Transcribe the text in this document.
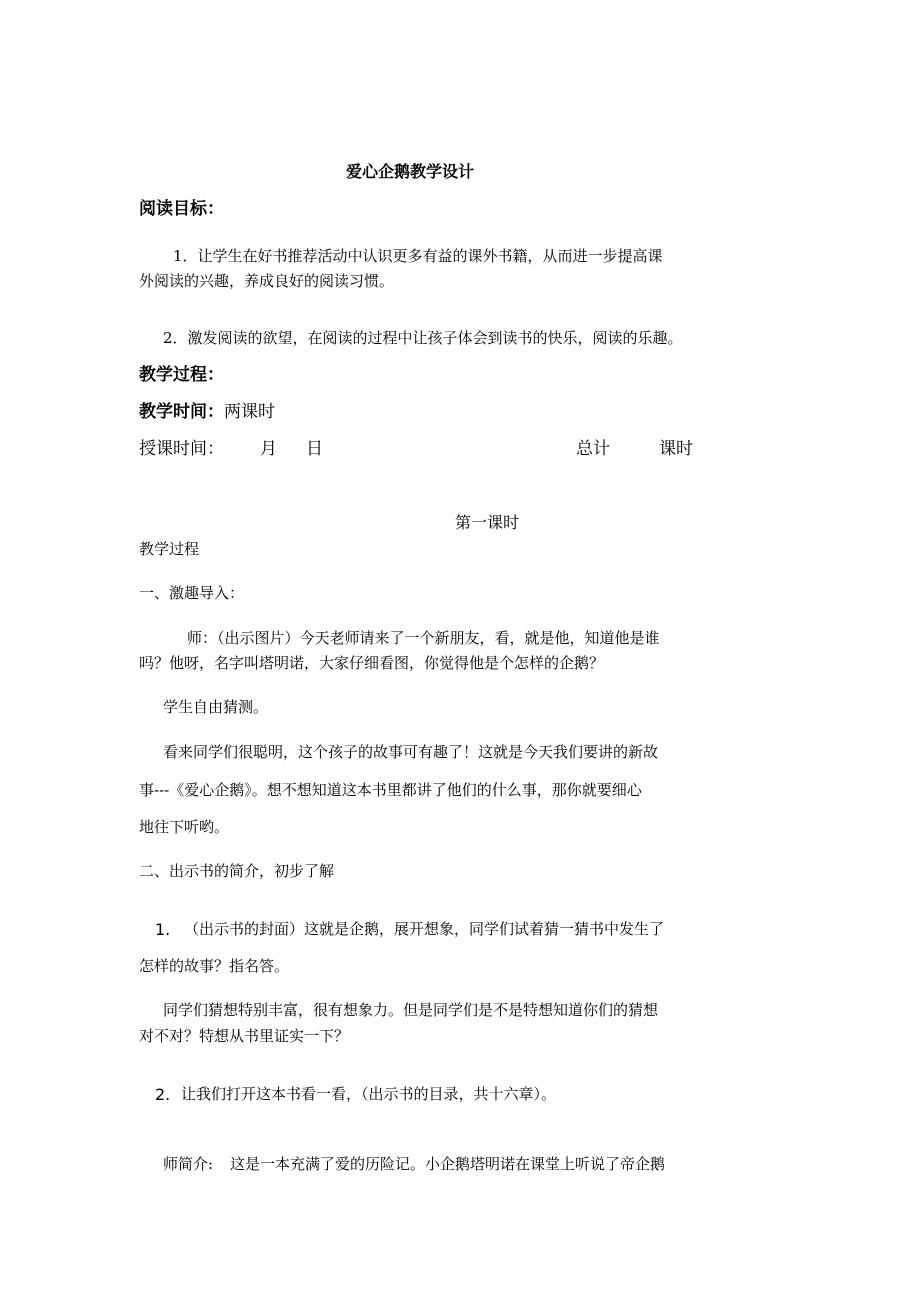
爱心企鹅教学设计
阅读目标：
1．让学生在好书推荐活动中认识更多有益的课外书籍，从而进一步提高课
外阅读的兴趣，养成良好的阅读习惯。
2．激发阅读的欲望，在阅读的过程中让孩子体会到读书的快乐，阅读的乐趣。
教学过程：
教学时间：两课时
授课时间： 月 日	总计	课时
第一课时
教学过程
一、激趣导入：
师：（出示图片）今天老师请来了一个新朋友，看，就是他，知道他是谁
吗？他呀，名字叫塔明诺，大家仔细看图，你觉得他是个怎样的企鹅？
学生自由猜测。
看来同学们很聪明，这个孩子的故事可有趣了！这就是今天我们要讲的新故
事---《爱心企鹅》。想不想知道这本书里都讲了他们的什么事，那你就要细心
地往下听哟。
二、出示书的简介，初步了解
1. （出示书的封面）这就是企鹅，展开想象，同学们试着猜一猜书中发生了
怎样的故事？指名答。
同学们猜想特别丰富，很有想象力。但是同学们是不是特想知道你们的猜想
对不对？特想从书里证实一下？
2. 让我们打开这本书看一看，（出示书的目录，共十六章）。
师简介: 这是一本充满了爱的历险记。小企鹅塔明诺在课堂上听说了帝企鹅
